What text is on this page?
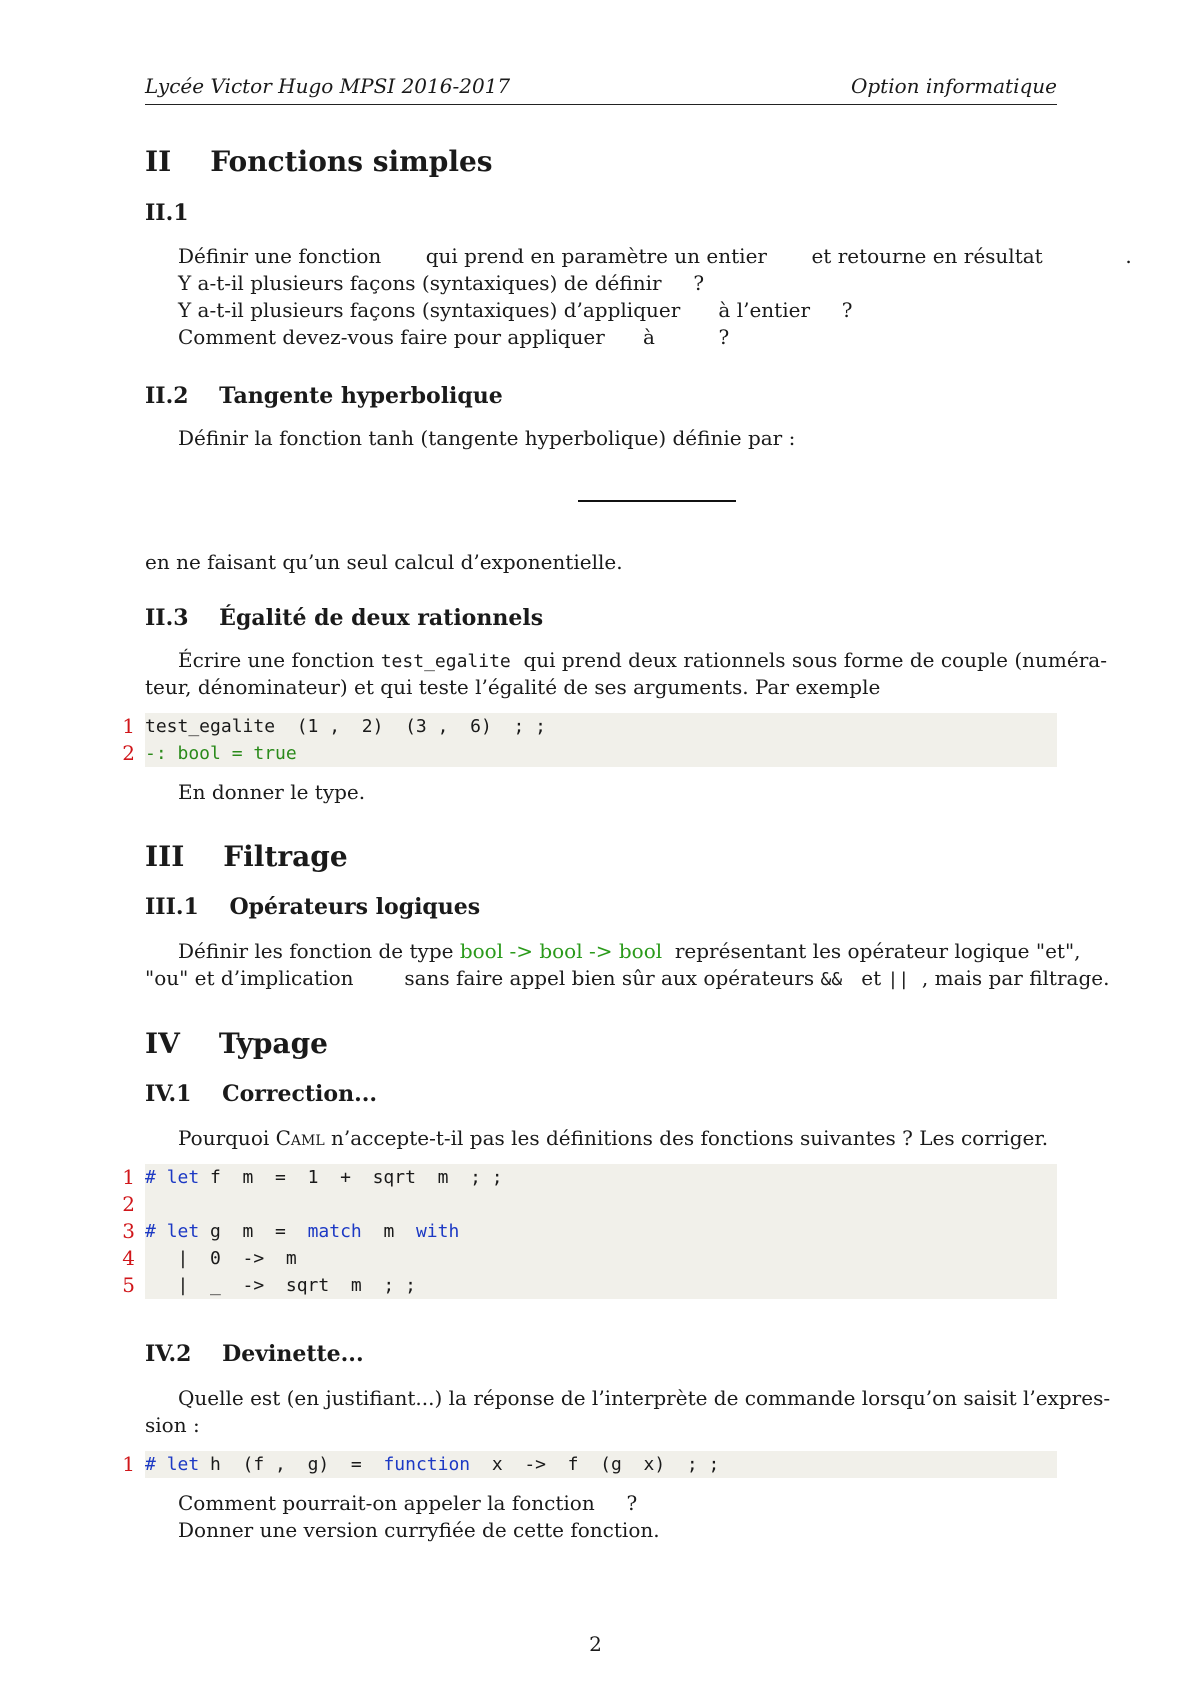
Lycée Victor Hugo MPSI 2016-2017	Option informatique
II    Fonctions simples
II.1
Définir une fonction       qui prend en paramètre un entier       et retourne en résultat             .
Y a-t-il plusieurs façons (syntaxiques) de définir     ?
Y a-t-il plusieurs façons (syntaxiques) d’appliquer      à l’entier     ?
Comment devez-vous faire pour appliquer      à          ?
II.2    Tangente hyperbolique
Définir la fonction tanh (tangente hyperbolique) définie par :
en ne faisant qu’un seul calcul d’exponentielle.
II.3    Égalité de deux rationnels
Écrire une fonction test_egalite  qui prend deux rationnels sous forme de couple (numéra-
teur, dénominateur) et qui teste l’égalité de ses arguments. Par exemple
1 test_egalite  (1 ,  2)  (3 ,  6)  ; ;
2 -: bool = true
En donner le type.
III    Filtrage
III.1    Opérateurs logiques
Définir les fonction de type bool -> bool -> bool  représentant les opérateur logique "et",
"ou" et d’implication        sans faire appel bien sûr aux opérateurs &&   et ||  , mais par filtrage.
IV    Typage
IV.1    Correction...
Pourquoi Caml n’accepte-t-il pas les définitions des fonctions suivantes ? Les corriger.
1 # let f  m  =  1  +  sqrt  m  ; ;
2
3 # let g  m  =  match  m  with
4 |  0  ->  m
5 |  _  ->  sqrt  m  ; ;
IV.2    Devinette...
Quelle est (en justifiant...) la réponse de l’interprète de commande lorsqu’on saisit l’expres-
sion :
1 # let h  (f ,  g)  =  function  x  ->  f  (g  x)  ; ;
Comment pourrait-on appeler la fonction     ?
Donner une version curryfiée de cette fonction.
2
